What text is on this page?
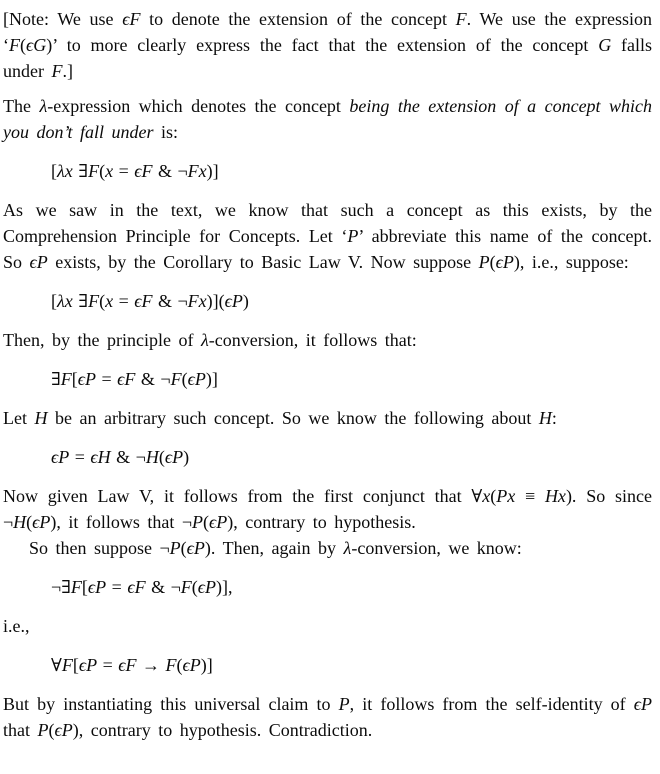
[Note: We use ϵF to denote the extension of the concept F. We use the expression ‘F(ϵG)’ to more clearly express the fact that the extension of the concept G falls under F.]

The λ-expression which denotes the concept being the extension of a concept which you don’t fall under is:

[λx ∃F(x = ϵF & ¬Fx)]

As we saw in the text, we know that such a concept as this exists, by the Comprehension Principle for Concepts. Let ‘P’ abbreviate this name of the concept. So ϵP exists, by the Corollary to Basic Law V. Now suppose P(ϵP), i.e., suppose:

[λx ∃F(x = ϵF & ¬Fx)](ϵP)

Then, by the principle of λ-conversion, it follows that:

∃F[ϵP = ϵF & ¬F(ϵP)]

Let H be an arbitrary such concept. So we know the following about H:

ϵP = ϵH & ¬H(ϵP)

Now given Law V, it follows from the first conjunct that ∀x(Px ≡ Hx). So since ¬H(ϵP), it follows that ¬P(ϵP), contrary to hypothesis.

So then suppose ¬P(ϵP). Then, again by λ-conversion, we know:

¬∃F[ϵP = ϵF & ¬F(ϵP)],

i.e.,

∀F[ϵP = ϵF → F(ϵP)]

But by instantiating this universal claim to P, it follows from the self-identity of ϵP that P(ϵP), contrary to hypothesis. Contradiction.
